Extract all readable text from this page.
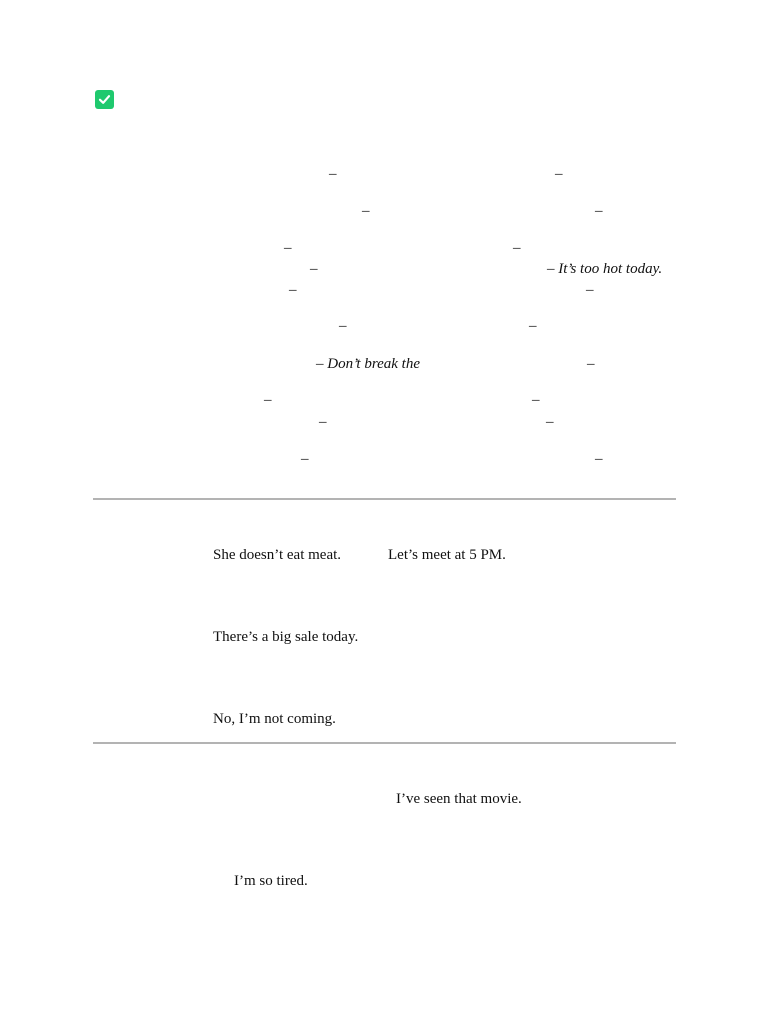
–	–
–	–
–	–
–	– It’s too hot today.
–	–
–	–
– Don’t break the	–
–	–
–	–
–	–
She doesn’t eat meat.	Let’s meet at 5 PM.
There’s a big sale today.
No, I’m not coming.
I’ve seen that movie.
I’m so tired.
